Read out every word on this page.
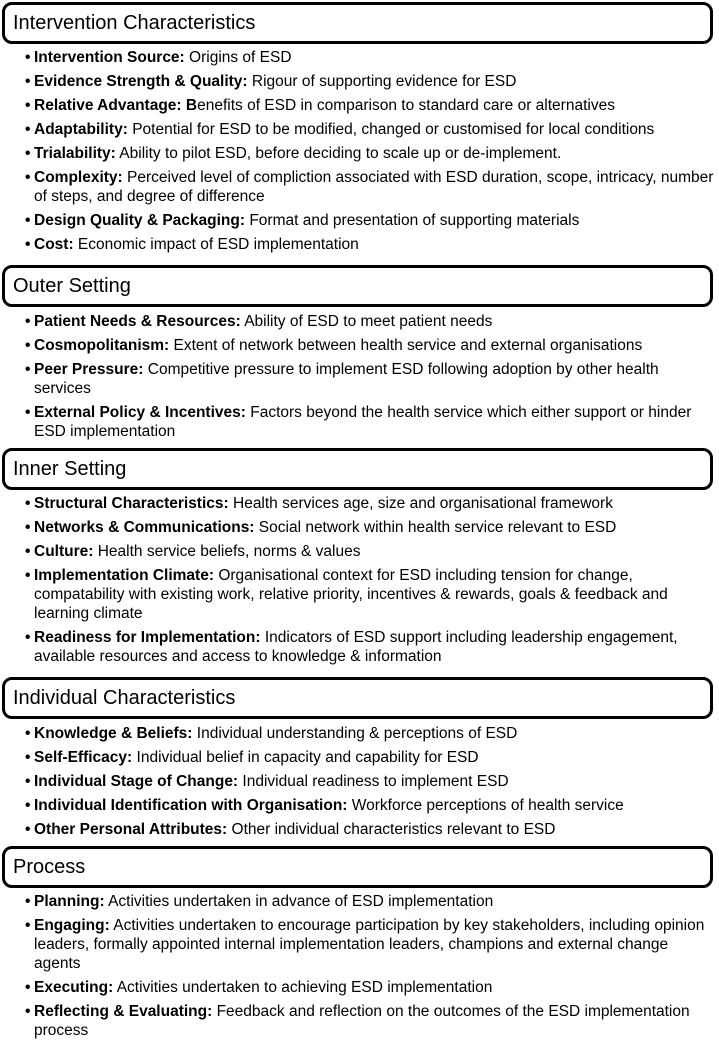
Intervention Characteristics
• Intervention Source: Origins of ESD
• Evidence Strength & Quality: Rigour of supporting evidence for ESD
• Relative Advantage: Benefits of ESD in comparison to standard care or alternatives
• Adaptability: Potential for ESD to be modified, changed or customised for local conditions
• Trialability: Ability to pilot ESD, before deciding to scale up or de-implement.
• Complexity: Perceived level of compliction associated with ESD duration, scope, intricacy, number of steps, and degree of difference
• Design Quality & Packaging: Format and presentation of supporting materials
• Cost: Economic impact of ESD implementation
Outer Setting
• Patient Needs & Resources: Ability of ESD to meet patient needs
• Cosmopolitanism: Extent of network between health service and external organisations
• Peer Pressure: Competitive pressure to implement ESD following adoption by other health services
• External Policy & Incentives: Factors beyond the health service which either support or hinder ESD implementation
Inner Setting
• Structural Characteristics: Health services age, size and organisational framework
• Networks & Communications: Social network within health service relevant to ESD
• Culture: Health service beliefs, norms & values
• Implementation Climate: Organisational context for ESD including tension for change, compatability with existing work, relative priority, incentives & rewards, goals & feedback and learning climate
• Readiness for Implementation: Indicators of ESD support including leadership engagement, available resources and access to knowledge & information
Individual Characteristics
• Knowledge & Beliefs: Individual understanding & perceptions of ESD
• Self-Efficacy: Individual belief in capacity and capability for ESD
• Individual Stage of Change: Individual readiness to implement ESD
• Individual Identification with Organisation: Workforce perceptions of health service
• Other Personal Attributes: Other individual characteristics relevant to ESD
Process
• Planning: Activities undertaken in advance of ESD implementation
• Engaging: Activities undertaken to encourage participation by key stakeholders, including opinion leaders, formally appointed internal implementation leaders, champions and external change agents
• Executing: Activities undertaken to achieving ESD implementation
• Reflecting & Evaluating: Feedback and reflection on the outcomes of the ESD implementation process
